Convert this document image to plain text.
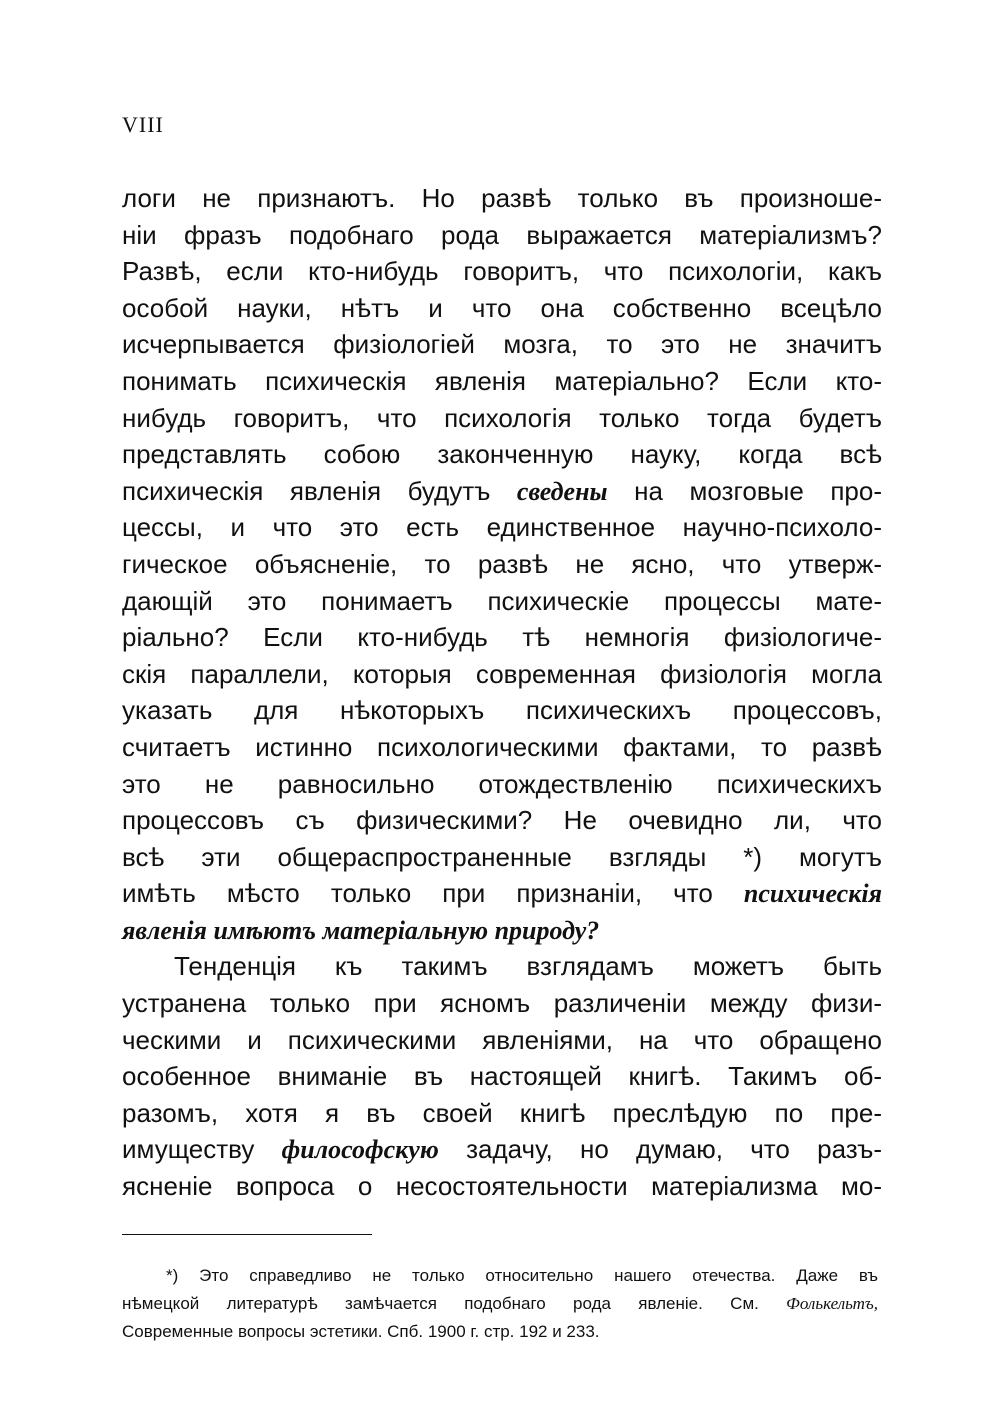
VIII
логи не признаютъ. Но развѣ только въ произноше-
ніи фразъ подобнаго рода выражается матеріализмъ?
Развѣ, если кто-нибудь говоритъ, что психологіи, какъ
особой науки, нѣтъ и что она собственно всецѣло
исчерпывается физіологіей мозга, то это не значитъ
понимать психическія явленія матеріально? Если кто-
нибудь говоритъ, что психологія только тогда будетъ
представлять собою законченную науку, когда всѣ
психическія явленія будутъ сведены на мозговые про-
цессы, и что это есть единственное научно-психоло-
гическое объясненіе, то развѣ не ясно, что утверж-
дающій это понимаетъ психическіе процессы мате-
ріально? Если кто-нибудь тѣ немногія физіологиче-
скія параллели, которыя современная физіологія могла
указать для нѣкоторыхъ психическихъ процессовъ,
считаетъ истинно психологическими фактами, то развѣ
это не равносильно отождествленію психическихъ
процессовъ съ физическими? Не очевидно ли, что
всѣ эти общераспространенные взгляды *) могутъ
имѣть мѣсто только при признаніи, что психическія
явленія имѣютъ матеріальную природу?
Тенденція къ такимъ взглядамъ можетъ быть
устранена только при ясномъ различеніи между физи-
ческими и психическими явленіями, на что обращено
особенное вниманіе въ настоящей книгѣ. Такимъ об-
разомъ, хотя я въ своей книгѣ преслѣдую по пре-
имуществу философскую задачу, но думаю, что разъ-
ясненіе вопроса о несостоятельности матеріализма мо-
*) Это справедливо не только относительно нашего отечества. Даже въ
нѣмецкой литературѣ замѣчается подобнаго рода явленіе. См. Фолькельтъ,
Современные вопросы эстетики. Спб. 1900 г. стр. 192 и 233.
